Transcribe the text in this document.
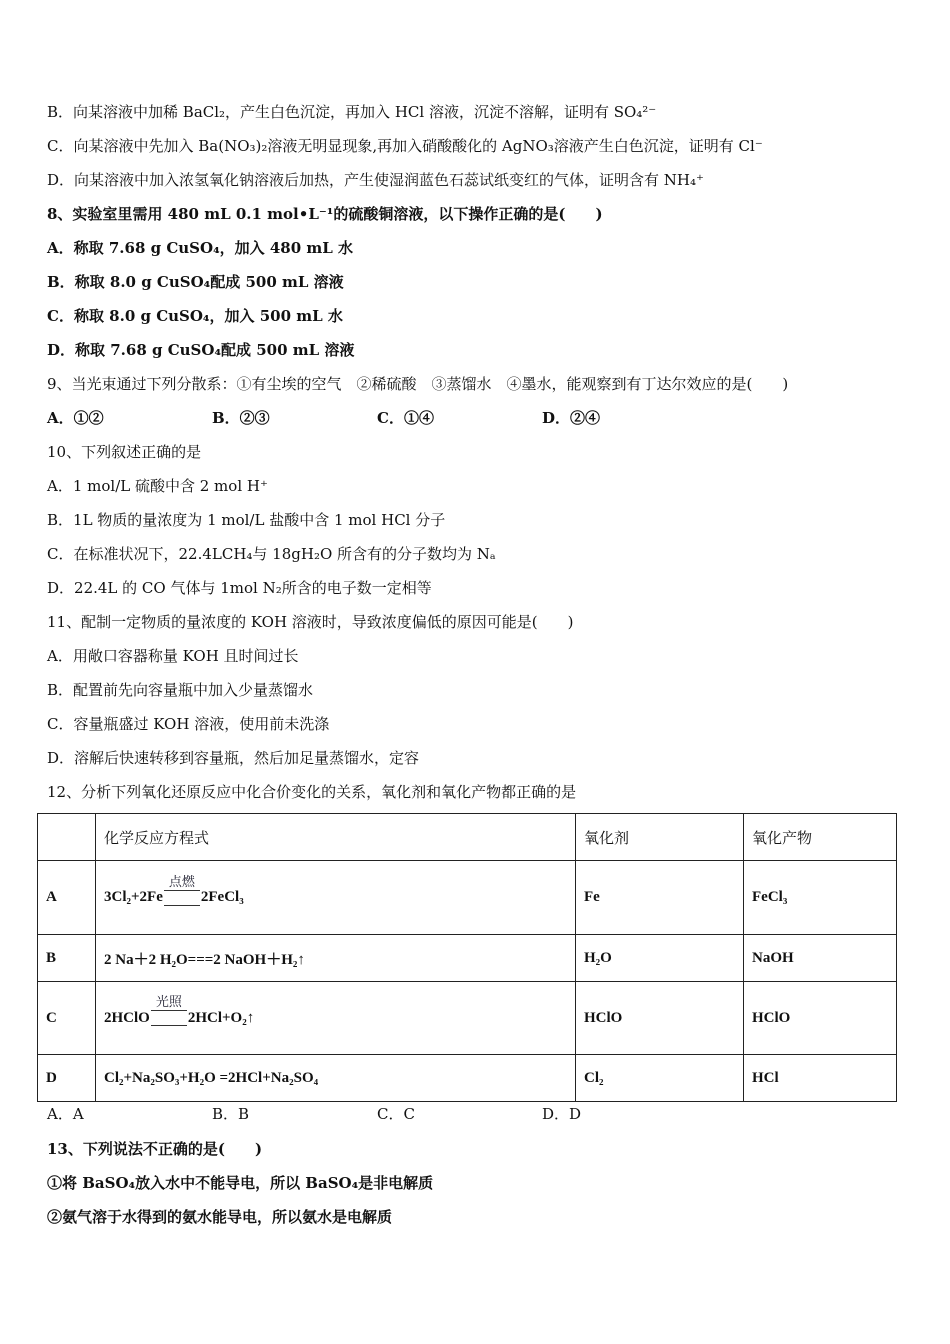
B．向某溶液中加稀 BaCl₂，产生白色沉淀，再加入 HCl 溶液，沉淀不溶解，证明有 SO₄²⁻
C．向某溶液中先加入 Ba(NO₃)₂溶液无明显现象,再加入硝酸酸化的 AgNO₃溶液产生白色沉淀，证明有 Cl⁻
D．向某溶液中加入浓氢氧化钠溶液后加热，产生使湿润蓝色石蕊试纸变红的气体，证明含有 NH₄⁺
8、实验室里需用 480 mL 0.1 mol•L⁻¹的硫酸铜溶液，以下操作正确的是(　　)
A．称取 7.68 g CuSO₄，加入 480 mL 水
B．称取 8.0 g CuSO₄配成 500 mL 溶液
C．称取 8.0 g CuSO₄，加入 500 mL 水
D．称取 7.68 g CuSO₄配成 500 mL 溶液
9、当光束通过下列分散系：①有尘埃的空气　②稀硫酸　③蒸馏水　④墨水，能观察到有丁达尔效应的是(　　)
A．①②	B．②③	C．①④	D．②④
10、下列叙述正确的是
A．1 mol/L 硫酸中含 2 mol H⁺
B．1L 物质的量浓度为 1 mol/L 盐酸中含 1 mol HCl 分子
C．在标准状况下，22.4LCH₄与 18gH₂O 所含有的分子数均为 Nₐ
D．22.4L 的 CO 气体与 1mol N₂所含的电子数一定相等
11、配制一定物质的量浓度的 KOH 溶液时，导致浓度偏低的原因可能是(　　)
A．用敞口容器称量 KOH 且时间过长
B．配置前先向容量瓶中加入少量蒸馏水
C．容量瓶盛过 KOH 溶液，使用前未洗涤
D．溶解后快速转移到容量瓶，然后加足量蒸馏水，定容
12、分析下列氧化还原反应中化合价变化的关系，氧化剂和氧化产物都正确的是
	化学反应方程式	氧化剂	氧化产物
A	3Cl₂+2Fe
点燃
2FeCl₃	Fe	FeCl₃
B	2 Na＋2 H₂O===2 NaOH＋H₂↑	H₂O	NaOH
C	2HClO
光照
2HCl+O₂↑	HClO	HClO
D	Cl₂+Na₂SO₃+H₂O =2HCl+Na₂SO₄	Cl₂	HCl
A．A	B．B	C．C	D．D
13、下列说法不正确的是(　　)
①将 BaSO₄放入水中不能导电，所以 BaSO₄是非电解质
②氨气溶于水得到的氨水能导电，所以氨水是电解质
